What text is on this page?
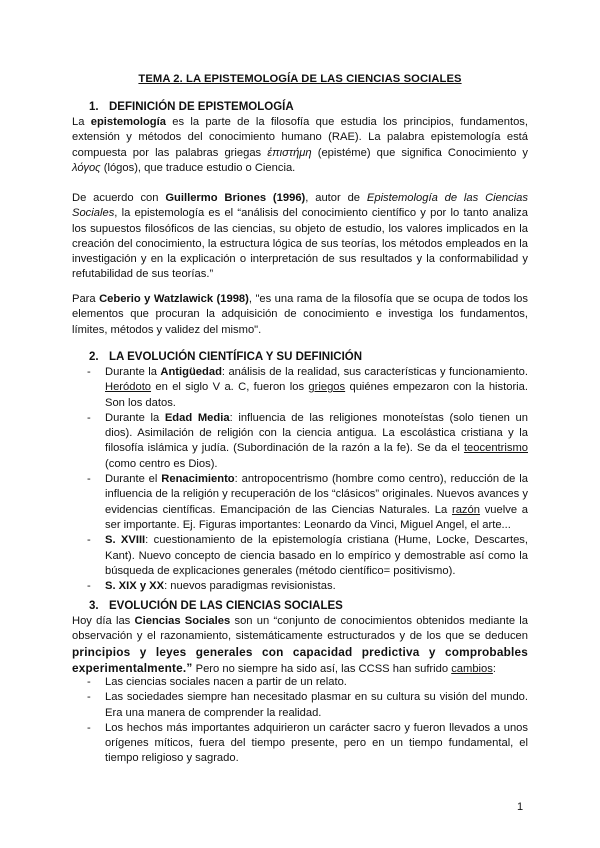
TEMA 2. LA EPISTEMOLOGÍA DE LAS CIENCIAS SOCIALES
1. DEFINICIÓN DE EPISTEMOLOGÍA
La epistemología es la parte de la filosofía que estudia los principios, fundamentos, extensión y métodos del conocimiento humano (RAE). La palabra epistemología está compuesta por las palabras griegas ἐπιστήμη (epistéme) que significa Conocimiento y λόγος (lógos), que traduce estudio o Ciencia.
De acuerdo con Guillermo Briones (1996), autor de Epistemología de las Ciencias Sociales, la epistemología es el “análisis del conocimiento científico y por lo tanto analiza los supuestos filosóficos de las ciencias, su objeto de estudio, los valores implicados en la creación del conocimiento, la estructura lógica de sus teorías, los métodos empleados en la investigación y en la explicación o interpretación de sus resultados y la conformabilidad y refutabilidad de sus teorías.”
Para Ceberio y Watzlawick (1998), "es una rama de la filosofía que se ocupa de todos los elementos que procuran la adquisición de conocimiento e investiga los fundamentos, límites, métodos y validez del mismo".
2. LA EVOLUCIÓN CIENTÍFICA Y SU DEFINICIÓN
- Durante la Antigüedad: análisis de la realidad, sus características y funcionamiento. Heródoto en el siglo V a. C, fueron los griegos quiénes empezaron con la historia. Son los datos.
- Durante la Edad Media: influencia de las religiones monoteístas (solo tienen un dios). Asimilación de religión con la ciencia antigua. La escolástica cristiana y la filosofía islámica y judía. (Subordinación de la razón a la fe). Se da el teocentrismo (como centro es Dios).
- Durante el Renacimiento: antropocentrismo (hombre como centro), reducción de la influencia de la religión y recuperación de los “clásicos” originales. Nuevos avances y evidencias científicas. Emancipación de las Ciencias Naturales. La razón vuelve a ser importante. Ej. Figuras importantes: Leonardo da Vinci, Miguel Angel, el arte...
- S. XVIII: cuestionamiento de la epistemología cristiana (Hume, Locke, Descartes, Kant). Nuevo concepto de ciencia basado en lo empírico y demostrable así como la búsqueda de explicaciones generales (método científico= positivismo).
- S. XIX y XX: nuevos paradigmas revisionistas.
3. EVOLUCIÓN DE LAS CIENCIAS SOCIALES
Hoy día las Ciencias Sociales son un “conjunto de conocimientos obtenidos mediante la observación y el razonamiento, sistemáticamente estructurados y de los que se deducen principios y leyes generales con capacidad predictiva y comprobables experimentalmente.” Pero no siempre ha sido así, las CCSS han sufrido cambios:
- Las ciencias sociales nacen a partir de un relato.
- Las sociedades siempre han necesitado plasmar en su cultura su visión del mundo. Era una manera de comprender la realidad.
- Los hechos más importantes adquirieron un carácter sacro y fueron llevados a unos orígenes míticos, fuera del tiempo presente, pero en un tiempo fundamental, el tiempo religioso y sagrado.
1
